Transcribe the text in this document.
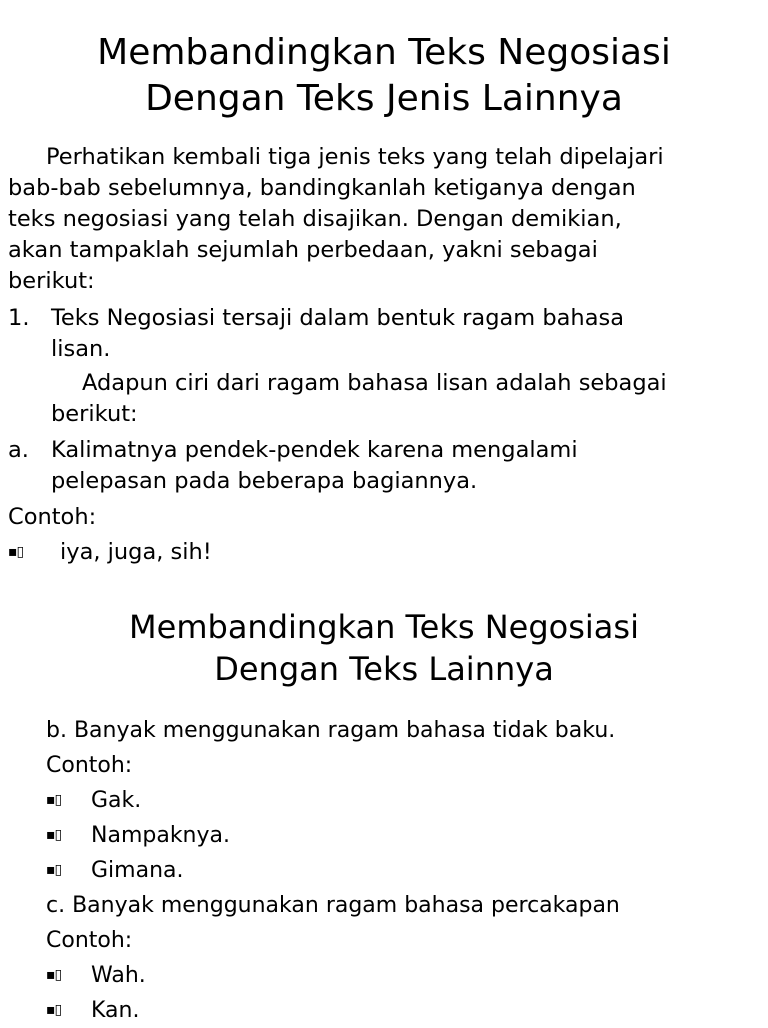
Membandingkan Teks Negosiasi
Dengan Teks Jenis Lainnya

Perhatikan kembali tiga jenis teks yang telah dipelajari

bab-bab sebelumnya, bandingkanlah ketiganya dengan

teks negosiasi yang telah disajikan. Dengan demikian,

akan tampaklah sejumlah perbedaan, yakni sebagai

berikut:

1. Teks Negosiasi tersaji dalam bentuk ragam bahasa

lisan.

Adapun ciri dari ragam bahasa lisan adalah sebagai

berikut:

a. Kalimatnya pendek-pendek karena mengalami

pelepasan pada beberapa bagiannya.

Contoh:

▪▯ iya, juga, sih!

Membandingkan Teks Negosiasi
Dengan Teks Lainnya

b. Banyak menggunakan ragam bahasa tidak baku.

Contoh:

▪▯ Gak.

▪▯ Nampaknya.

▪▯ Gimana.

c. Banyak menggunakan ragam bahasa percakapan

Contoh:

▪▯ Wah.

▪▯ Kan.
